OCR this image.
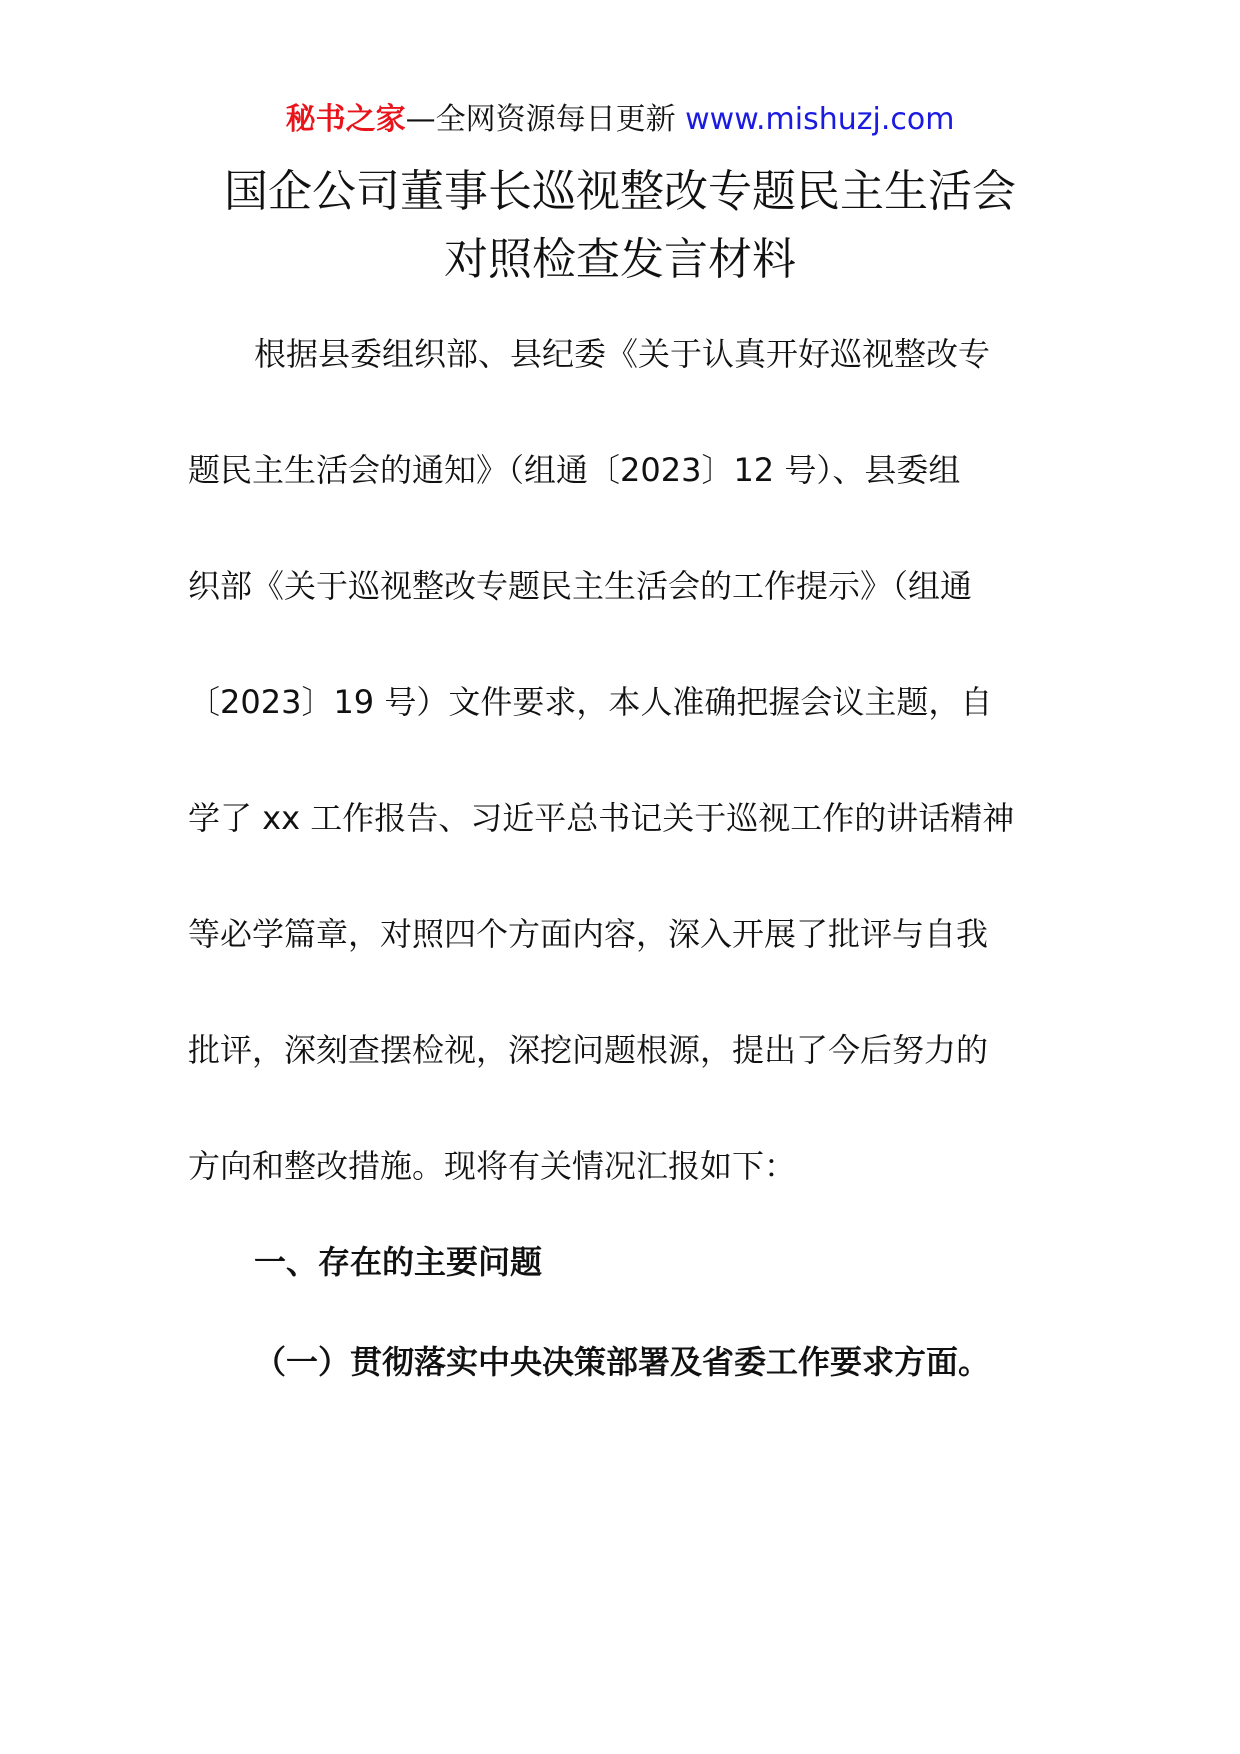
秘书之家—全网资源每日更新 www.mishuzj.com
国企公司董事长巡视整改专题民主生活会
对照检查发言材料
根据县委组织部、县纪委《关于认真开好巡视整改专
题民主生活会的通知》（组通〔2023〕12 号）、县委组
织部《关于巡视整改专题民主生活会的工作提示》（组通
〔2023〕19 号）文件要求，本人准确把握会议主题，自
学了 xx 工作报告、习近平总书记关于巡视工作的讲话精神
等必学篇章，对照四个方面内容，深入开展了批评与自我
批评，深刻查摆检视，深挖问题根源，提出了今后努力的
方向和整改措施。现将有关情况汇报如下：
一、存在的主要问题
（一）贯彻落实中央决策部署及省委工作要求方面。
